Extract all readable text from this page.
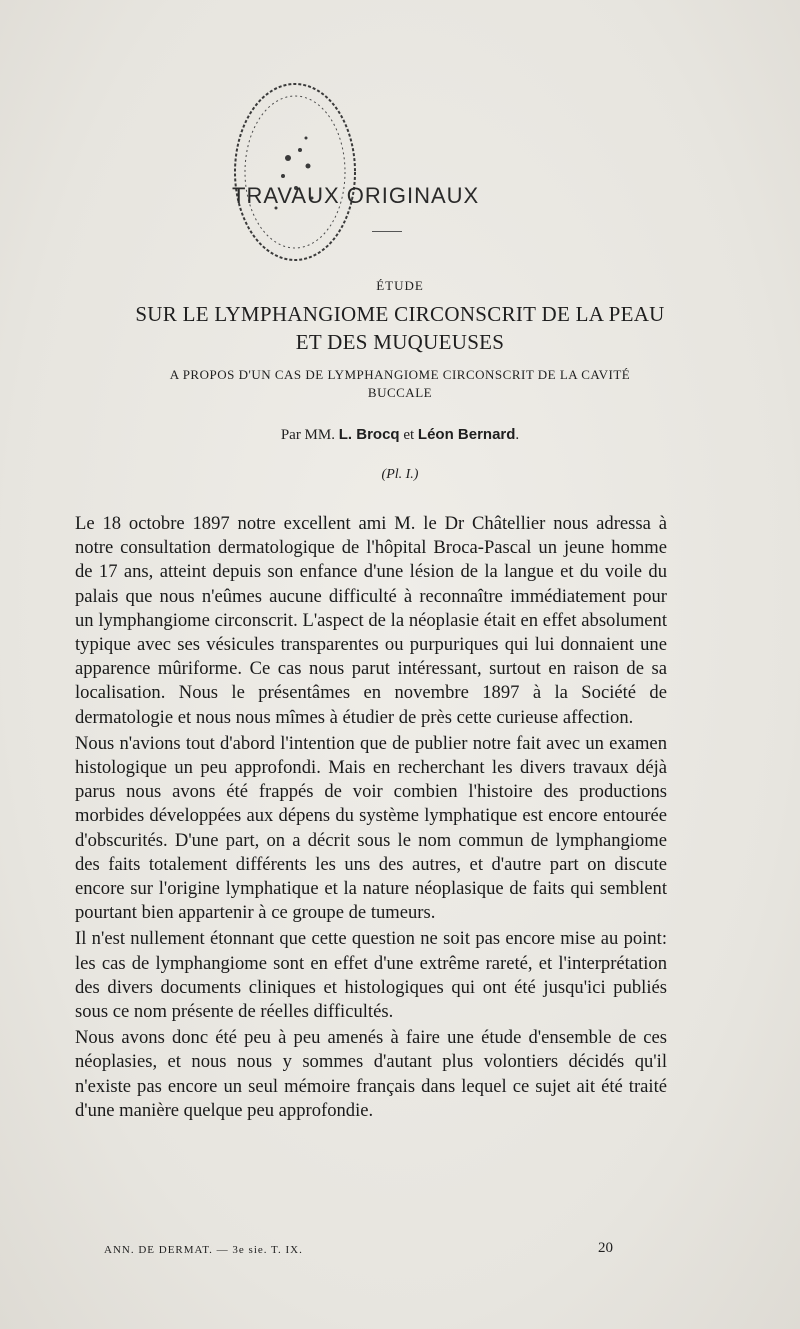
TRAVAUX ORIGINAUX
ÉTUDE
SUR LE LYMPHANGIOME CIRCONSCRIT DE LA PEAU
ET DES MUQUEUSES
A PROPOS D'UN CAS DE LYMPHANGIOME CIRCONSCRIT DE LA CAVITÉ
BUCCALE
Par MM. L. Brocq et Léon Bernard.
(Pl. I.)

Le 18 octobre 1897 notre excellent ami M. le Dr Châtellier nous adressa à notre consultation dermatologique de l'hôpital Broca-Pascal un jeune homme de 17 ans, atteint depuis son enfance d'une lésion de la langue et du voile du palais que nous n'eûmes aucune difficulté à reconnaître immédiatement pour un lymphangiome circonscrit. L'aspect de la néoplasie était en effet absolument typique avec ses vésicules transparentes ou purpuriques qui lui donnaient une apparence mûriforme. Ce cas nous parut intéressant, surtout en raison de sa localisation. Nous le présentâmes en novembre 1897 à la Société de dermatologie et nous nous mîmes à étudier de près cette curieuse affection.

Nous n'avions tout d'abord l'intention que de publier notre fait avec un examen histologique un peu approfondi. Mais en recherchant les divers travaux déjà parus nous avons été frappés de voir combien l'histoire des productions morbides développées aux dépens du système lymphatique est encore entourée d'obscurités. D'une part, on a décrit sous le nom commun de lymphangiome des faits totalement différents les uns des autres, et d'autre part on discute encore sur l'origine lymphatique et la nature néoplasique de faits qui semblent pourtant bien appartenir à ce groupe de tumeurs.

Il n'est nullement étonnant que cette question ne soit pas encore mise au point: les cas de lymphangiome sont en effet d'une extrême rareté, et l'interprétation des divers documents cliniques et histologiques qui ont été jusqu'ici publiés sous ce nom présente de réelles difficultés.

Nous avons donc été peu à peu amenés à faire une étude d'ensemble de ces néoplasies, et nous nous y sommes d'autant plus volontiers décidés qu'il n'existe pas encore un seul mémoire français dans lequel ce sujet ait été traité d'une manière quelque peu approfondie.

ANN. DE DERMAT. — 3e sie. T. IX.	20
